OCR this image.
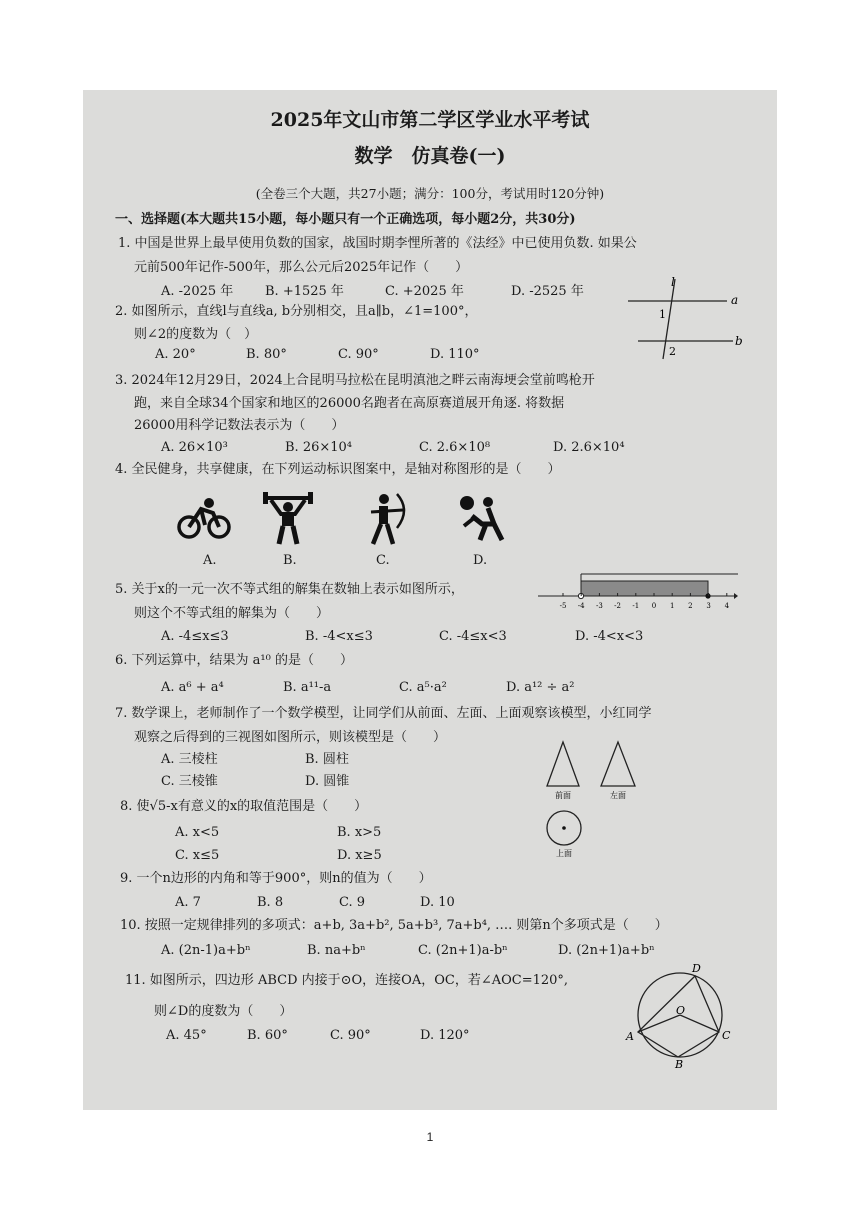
2025年文山市第二学区学业水平考试
数学　仿真卷(一)
(全卷三个大题，共27小题；满分：100分，考试用时120分钟)
一、选择题(本大题共15小题，每小题只有一个正确选项，每小题2分，共30分)
1. 中国是世界上最早使用负数的国家，战国时期李悝所著的《法经》中已使用负数. 如果公
元前500年记作-500年，那么公元后2025年记作（　　）
A. -2025 年 B. +1525 年	C. +2025 年	D. -2525 年
2. 如图所示，直线l与直线a, b分别相交，且a∥b，∠1=100°，
则∠2的度数为（　）
A. 20°	B. 80°	C. 90°	D. 110°
l
a
b
1
2
3. 2024年12月29日，2024上合昆明马拉松在昆明滇池之畔云南海埂会堂前鸣枪开
跑，来自全球34个国家和地区的26000名跑者在高原赛道展开角逐. 将数据
26000用科学记数法表示为（　　）
A. 26×10³	B. 26×10⁴	C. 2.6×10⁸	D. 2.6×10⁴
4. 全民健身，共享健康，在下列运动标识图案中，是轴对称图形的是（　　）
A.	B.	C.	D.
5. 关于x的一元一次不等式组的解集在数轴上表示如图所示，
则这个不等式组的解集为（　　）
A. -4≤x≤3	B. -4<x≤3	C. -4≤x<3	D. -4<x<3
-5 -4 -3 -2 -1 0 1 2 3 4
6. 下列运算中，结果为 a¹⁰ 的是（　　）
A. a⁶ + a⁴	B. a¹¹-a	C. a⁵·a²	D. a¹² ÷ a²
7. 数学课上，老师制作了一个数学模型，让同学们从前面、左面、上面观察该模型，小红同学
观察之后得到的三视图如图所示，则该模型是（　　）
A. 三棱柱	B. 圆柱
C. 三棱锥	D. 圆锥
前面	左面
上面
8. 使√5-x有意义的x的取值范围是（　　）
A. x<5	B. x>5
C. x≤5	D. x≥5
9. 一个n边形的内角和等于900°，则n的值为（　　）
A. 7	B. 8	C. 9	D. 10
10. 按照一定规律排列的多项式：a+b, 3a+b², 5a+b³, 7a+b⁴, …. 则第n个多项式是（　　）
A. (2n-1)a+bⁿ	B. na+bⁿ	C. (2n+1)a-bⁿ	D. (2n+1)a+bⁿ
11. 如图所示，四边形 ABCD 内接于⊙O，连接OA，OC，若∠AOC=120°,
则∠D的度数为（　　）
A. 45°	B. 60°	C. 90°	D. 120°
D
O
A	C
B
1
